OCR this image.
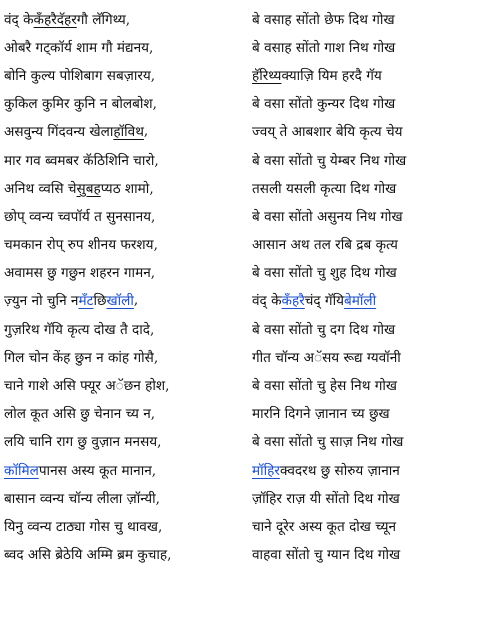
वंद् के कॅंहरै दॅहर गौ लॅगिथ्य,	बे वसाह सोंतो छेफ दिथ गोख
ओबरै गट्कॉर्य शाम गौ मंद्यनय,	बे वसाह सोंतो गाश निथ गोख
बोनि कुल्य पोशिबाग सबज़ारय,	हॅरिथ्य क्याज़ि यिम हरदै गॅय
कुकिल कुमिर कुनि न बोलबोश,	बे वसा सोंतो कुन्यर दिथ गोख
असवुन्य गिंदवन्य खेला हॉविथ ,	ज्वय् ते आबशार बेयि कृत्य चेय
मार गव ब्वमबर कॅठिशिनि चारो,	बे वसा सोंतो चु येम्बर निथ गोख
अनिथ व्वसि चे सुबह प्यठ शामो,	तसली यसली कृत्या दिथ गोख
छोप् व्वन्य च्वपॉर्य त सुनसानय,	बे वसा सोंतो असुनय निथ गोख
चमकान रोप् रुप शीनय फरशय,	आसान अथ तल रबि द्रब कृत्य
अवामस छु गछुन शहरन गामन,	बे वसा सोंतो चु शुह दिथ गोख
ज़्युन नो चुनि न मॅंट छि खॉली ,	वंद् के कॅंहरै चंद् गॅयि बेमॉली
गुज़रिथ गॅयि कृत्य दोख तै दादे,	बे वसा सोंतो चु दग दिथ गोख
गिल चोन केंह छुन न कांह गोसै,	गीत चॉन्य अॅसय रूद्य ग्यवॉनी
चाने गाशे असि फ्यूर अॅछन होश,	बे वसा सोंतो चु हेस निथ गोख
लोल कूत असि छु चेनान च्य न,	मारनि दिगने ज़ानान च्य छुख
लयि चानि राग छु वुज़ान मनसय,	बे वसा सोंतो चु साज़ निथ गोख
कॉमिल पानस अस्य कूत मानान,	मॉहिर क्वदरथ छु सोरुय ज़ानान
बासान व्वन्य चॉन्य लीला ज़ॉन्यी,	ज़ॉहिर राज़ यी सोंतो दिथ गोख
यिनु व्वन्य टाठ्या गोस चु थावख,	चाने दूरेर अस्य कूत दोख च्यून
ब्वद असि ब्रेठेयि अम्मि ब्रम कुचाह,	वाहवा सोंतो चु ग्यान दिथ गोख
